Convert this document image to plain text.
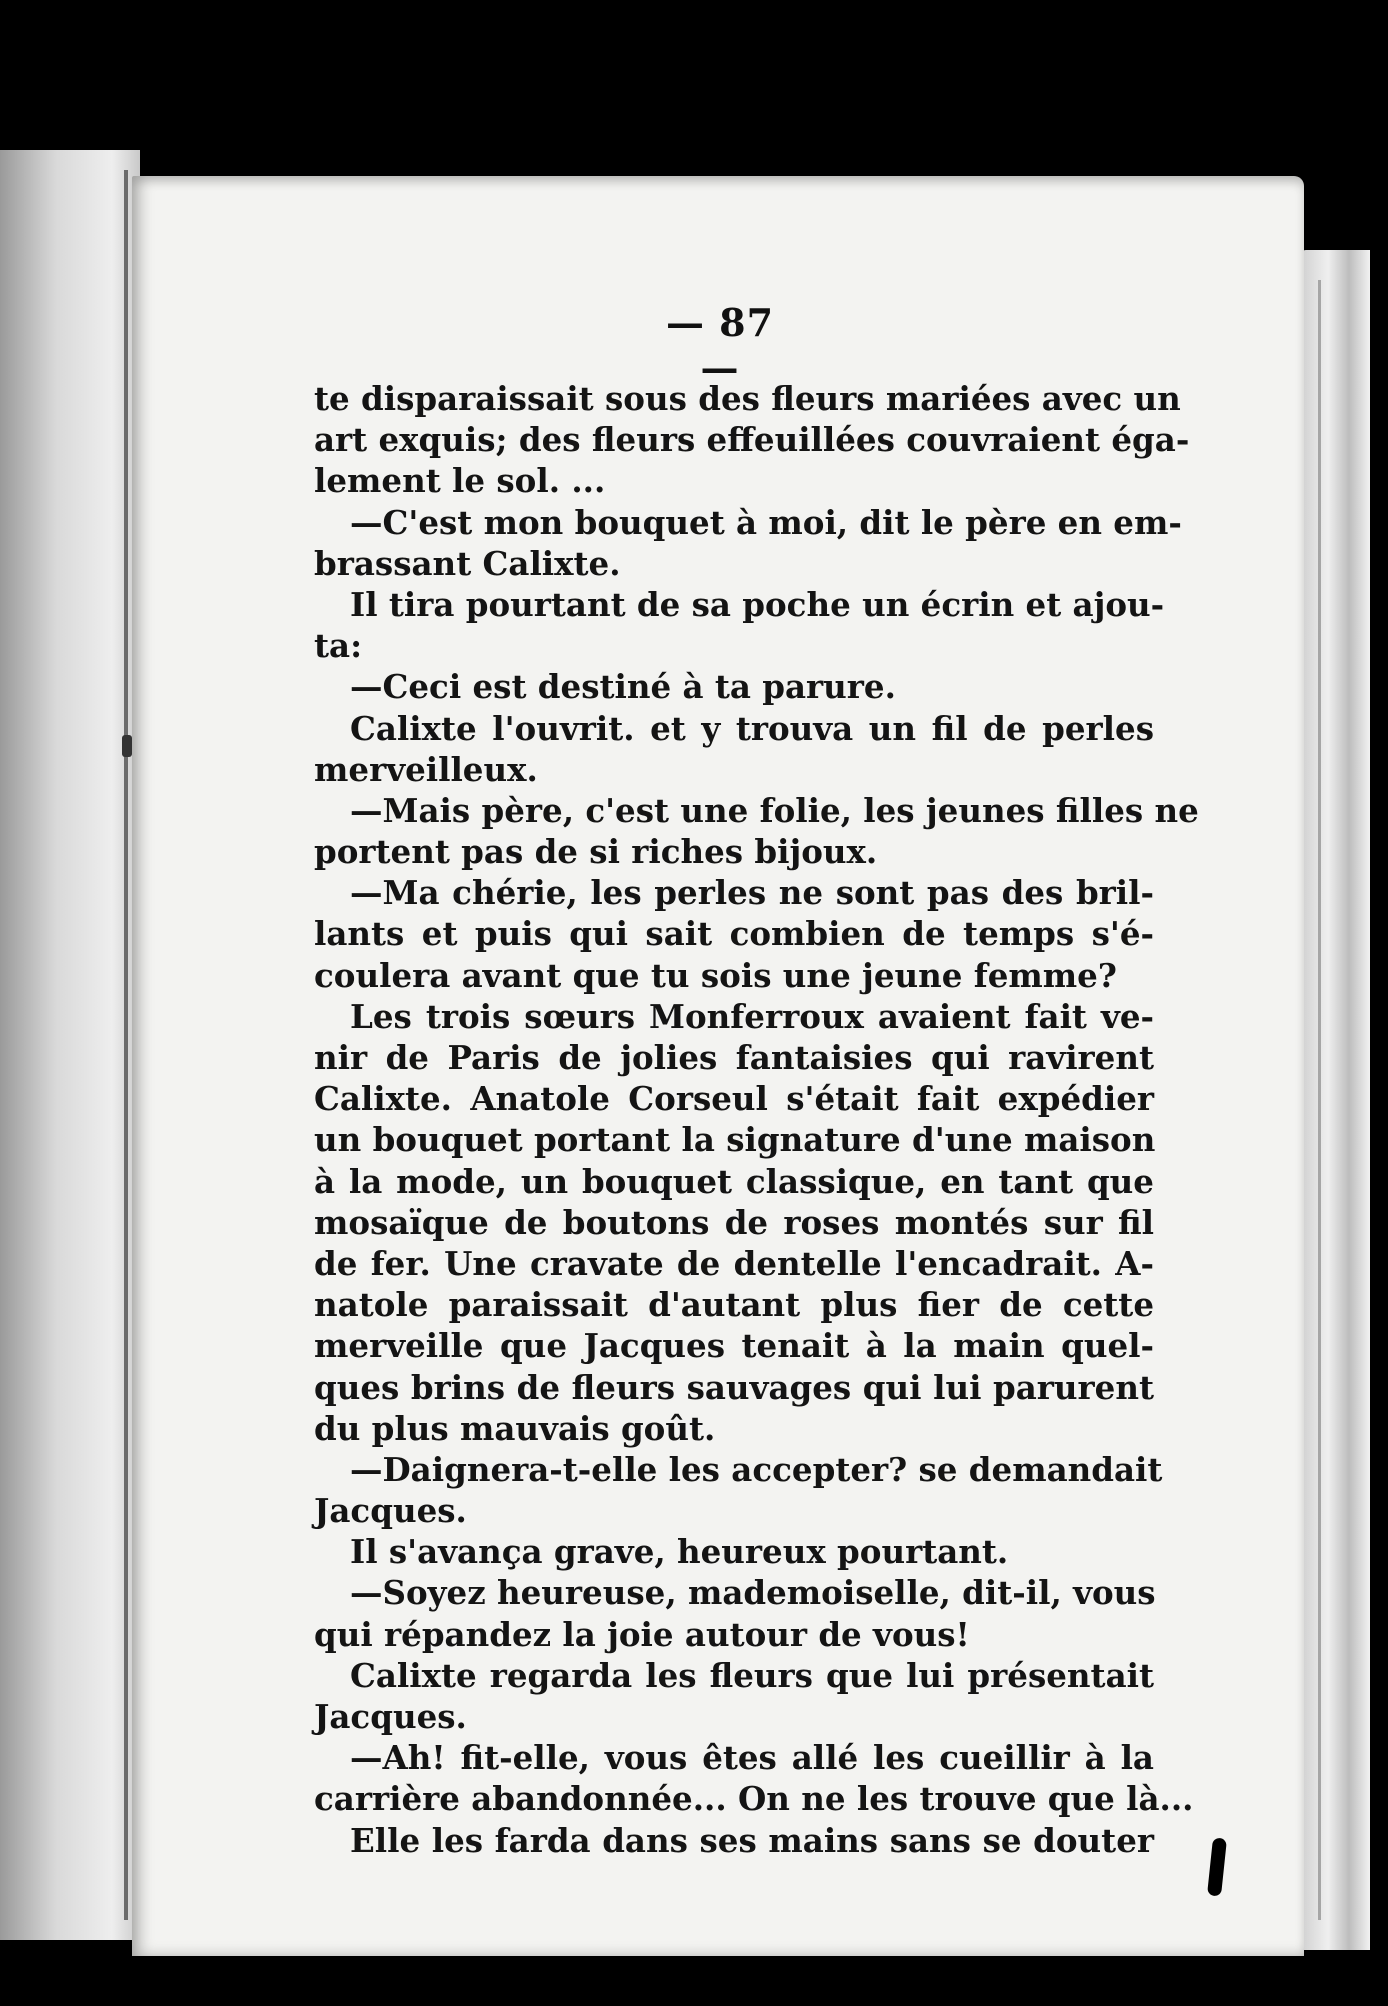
— 87 —
te disparaissait sous des fleurs mariées avec un
art exquis; des fleurs effeuillées couvraient éga-
lement le sol. ...
—C'est mon bouquet à moi, dit le père en em-
brassant Calixte.
Il tira pourtant de sa poche un écrin et ajou-
ta:
—Ceci est destiné à ta parure.
Calixte l'ouvrit. et y trouva un fil de perles
merveilleux.
—Mais père, c'est une folie, les jeunes filles ne
portent pas de si riches bijoux.
—Ma chérie, les perles ne sont pas des bril-
lants et puis qui sait combien de temps s'é-
coulera avant que tu sois une jeune femme?
Les trois sœurs Monferroux avaient fait ve-
nir de Paris de jolies fantaisies qui ravirent
Calixte. Anatole Corseul s'était fait expédier
un bouquet portant la signature d'une maison
à la mode, un bouquet classique, en tant que
mosaïque de boutons de roses montés sur fil
de fer. Une cravate de dentelle l'encadrait. A-
natole paraissait d'autant plus fier de cette
merveille que Jacques tenait à la main quel-
ques brins de fleurs sauvages qui lui parurent
du plus mauvais goût.
—Daignera-t-elle les accepter? se demandait
Jacques.
Il s'avança grave, heureux pourtant.
—Soyez heureuse, mademoiselle, dit-il, vous
qui répandez la joie autour de vous!
Calixte regarda les fleurs que lui présentait
Jacques.
—Ah! fit-elle, vous êtes allé les cueillir à la
carrière abandonnée... On ne les trouve que là...
Elle les farda dans ses mains sans se douter
